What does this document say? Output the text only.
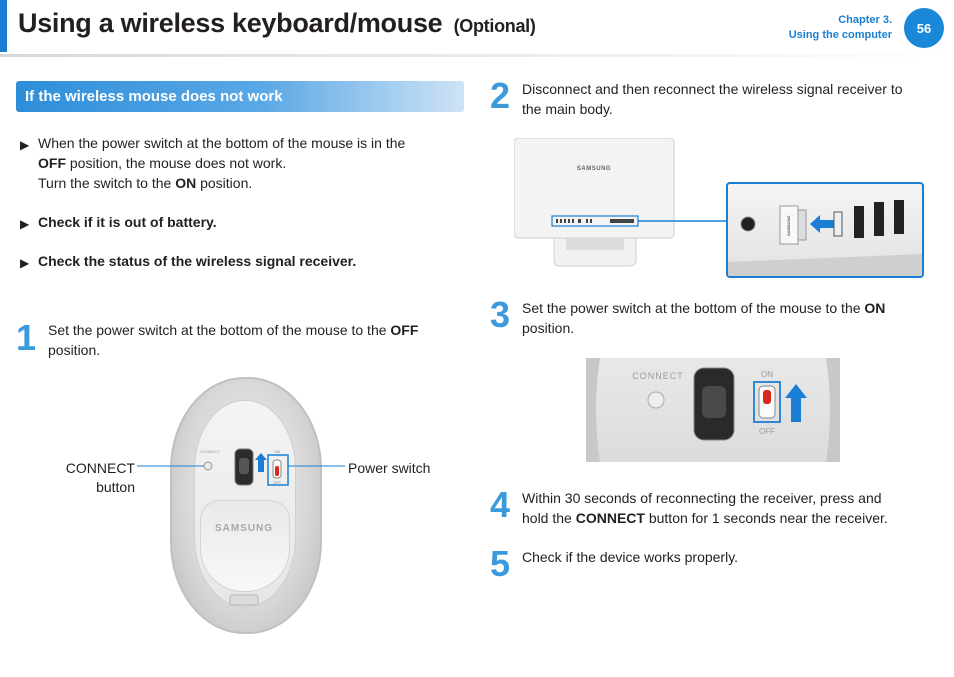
Using a wireless keyboard/mouse (Optional)	Chapter 3.
Using the computer	56
If the wireless mouse does not work
▶ When the power switch at the bottom of the mouse is in the
OFF position, the mouse does not work.
Turn the switch to the ON position.
▶ Check if it is out of battery.
▶ Check the status of the wireless signal receiver.
1 Set the power switch at the bottom of the mouse to the OFF
position.
CONNECT	ON
OFF
SAMSUNG
CONNECT
button
Power switch
2 Disconnect and then reconnect the wireless signal receiver to
the main body.
SAMSUNG
SAMSUNG
3 Set the power switch at the bottom of the mouse to the ON
position.
CONNECT	ON
OFF
4 Within 30 seconds of reconnecting the receiver, press and
hold the CONNECT button for 1 seconds near the receiver.
5 Check if the device works properly.
